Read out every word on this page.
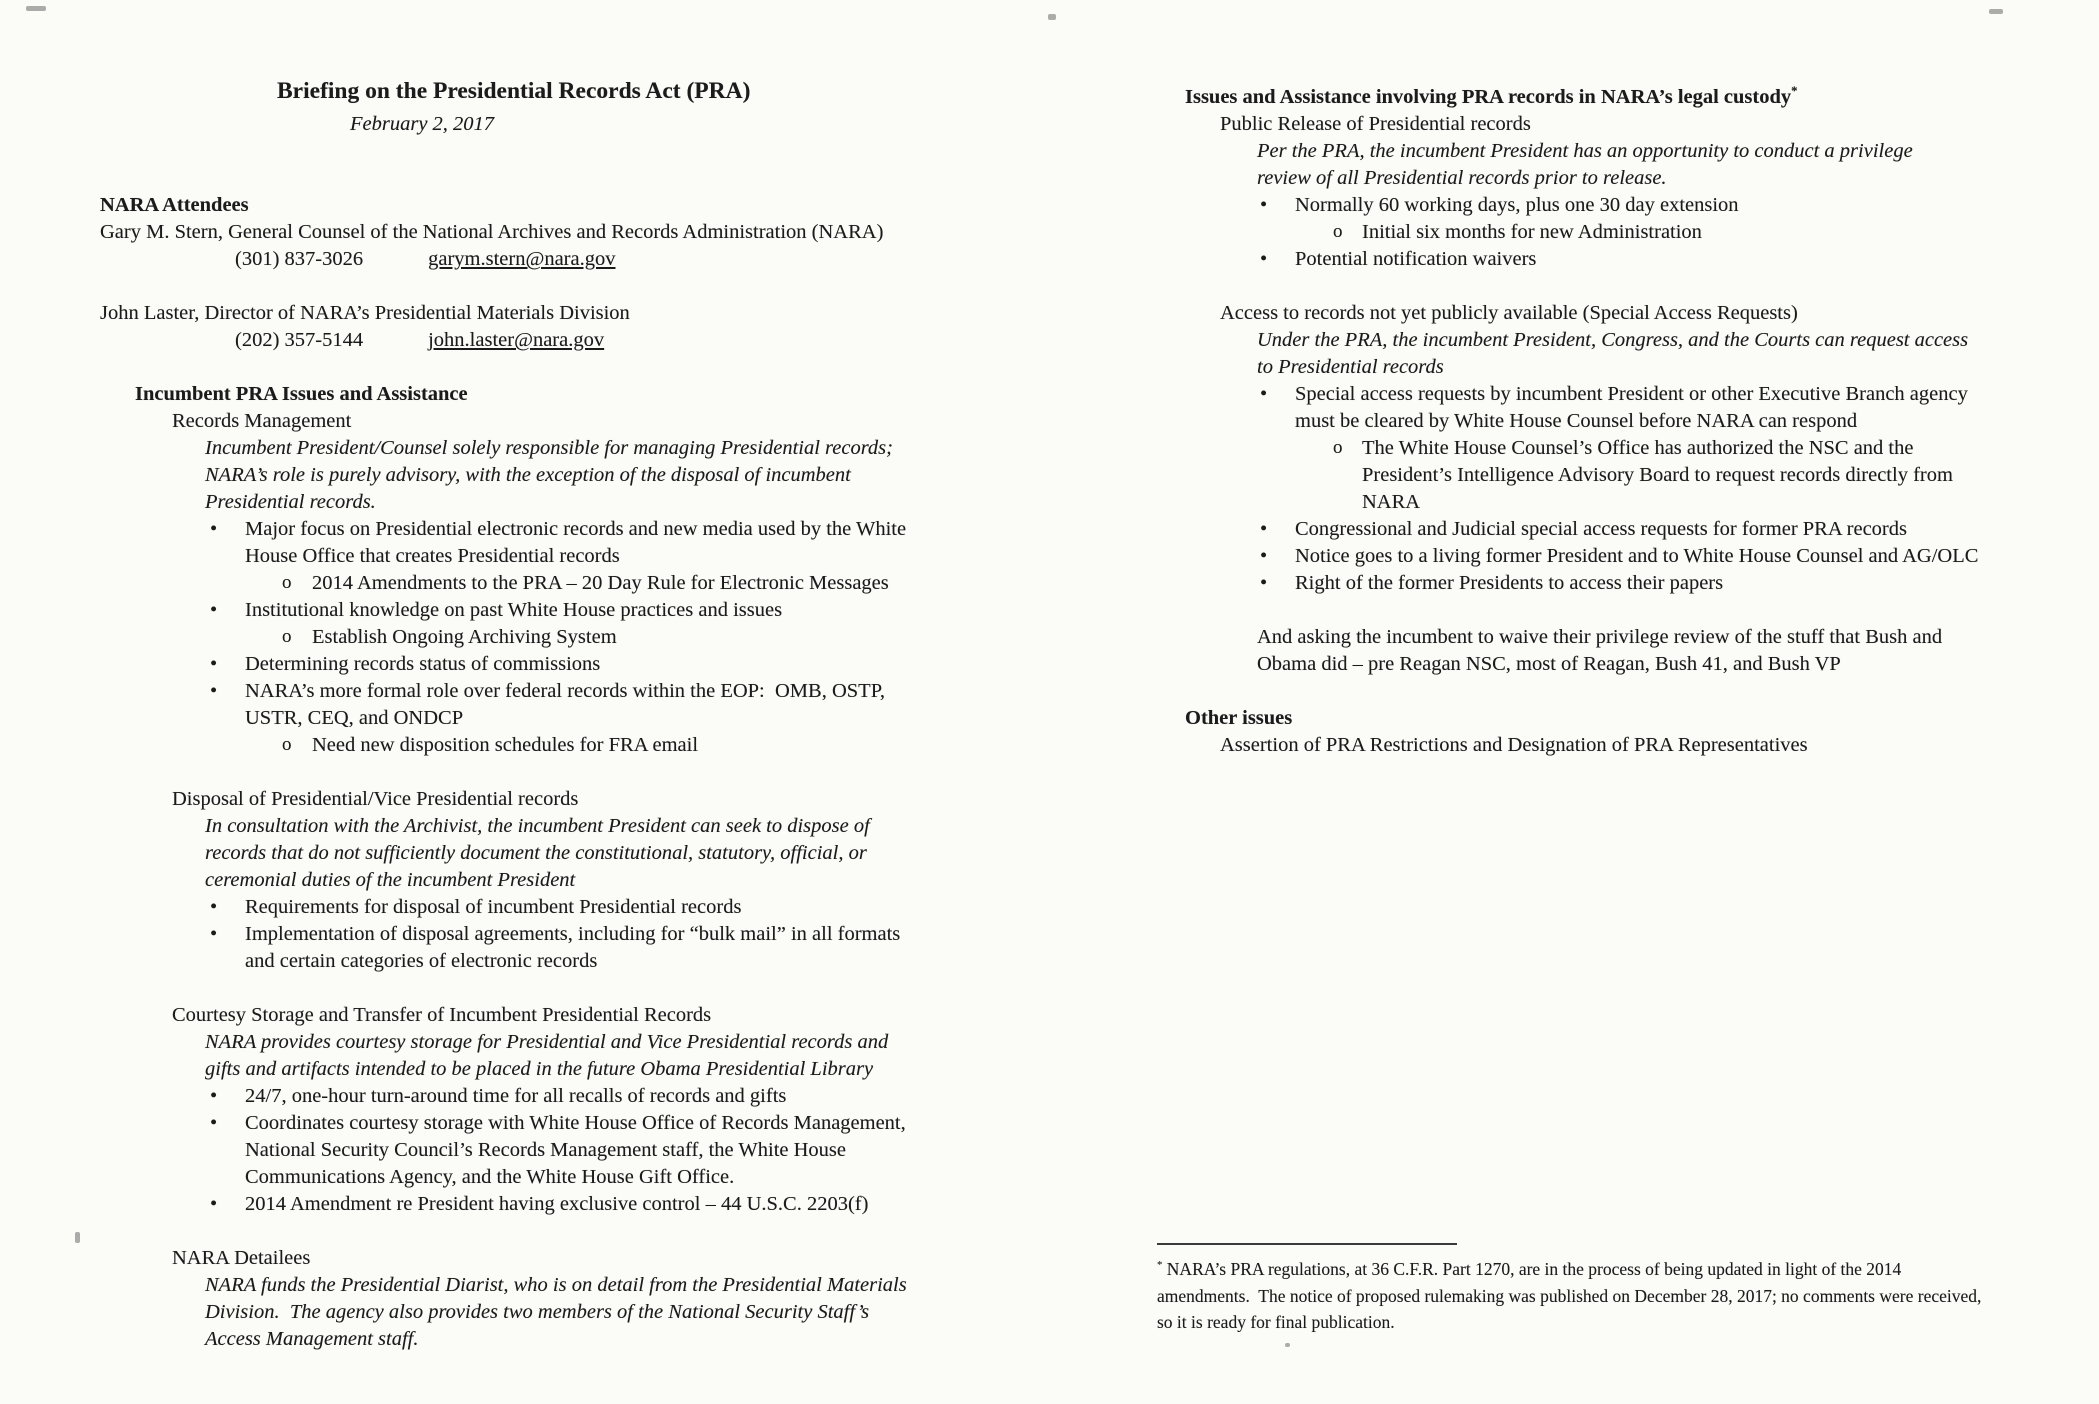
Briefing on the Presidential Records Act (PRA)
February 2, 2017
NARA Attendees
Gary M. Stern, General Counsel of the National Archives and Records Administration (NARA)
(301) 837-3026	garym.stern@nara.gov
John Laster, Director of NARA’s Presidential Materials Division
(202) 357-5144	john.laster@nara.gov
Incumbent PRA Issues and Assistance
Records Management
Incumbent President/Counsel solely responsible for managing Presidential records;
NARA’s role is purely advisory, with the exception of the disposal of incumbent
Presidential records.
• Major focus on Presidential electronic records and new media used by the White
House Office that creates Presidential records
o 2014 Amendments to the PRA – 20 Day Rule for Electronic Messages
• Institutional knowledge on past White House practices and issues
o Establish Ongoing Archiving System
• Determining records status of commissions
• NARA’s more formal role over federal records within the EOP:  OMB, OSTP,
USTR, CEQ, and ONDCP
o Need new disposition schedules for FRA email
Disposal of Presidential/Vice Presidential records
In consultation with the Archivist, the incumbent President can seek to dispose of
records that do not sufficiently document the constitutional, statutory, official, or
ceremonial duties of the incumbent President
• Requirements for disposal of incumbent Presidential records
• Implementation of disposal agreements, including for “bulk mail” in all formats
and certain categories of electronic records
Courtesy Storage and Transfer of Incumbent Presidential Records
NARA provides courtesy storage for Presidential and Vice Presidential records and
gifts and artifacts intended to be placed in the future Obama Presidential Library
• 24/7, one-hour turn-around time for all recalls of records and gifts
• Coordinates courtesy storage with White House Office of Records Management,
National Security Council’s Records Management staff, the White House
Communications Agency, and the White House Gift Office.
• 2014 Amendment re President having exclusive control – 44 U.S.C. 2203(f)
NARA Detailees
NARA funds the Presidential Diarist, who is on detail from the Presidential Materials
Division.  The agency also provides two members of the National Security Staff’s
Access Management staff.
Issues and Assistance involving PRA records in NARA’s legal custody*
Public Release of Presidential records
Per the PRA, the incumbent President has an opportunity to conduct a privilege
review of all Presidential records prior to release.
• Normally 60 working days, plus one 30 day extension
o Initial six months for new Administration
• Potential notification waivers
Access to records not yet publicly available (Special Access Requests)
Under the PRA, the incumbent President, Congress, and the Courts can request access
to Presidential records
• Special access requests by incumbent President or other Executive Branch agency
must be cleared by White House Counsel before NARA can respond
o The White House Counsel’s Office has authorized the NSC and the
President’s Intelligence Advisory Board to request records directly from
NARA
• Congressional and Judicial special access requests for former PRA records
• Notice goes to a living former President and to White House Counsel and AG/OLC
• Right of the former Presidents to access their papers
And asking the incumbent to waive their privilege review of the stuff that Bush and
Obama did – pre Reagan NSC, most of Reagan, Bush 41, and Bush VP
Other issues
Assertion of PRA Restrictions and Designation of PRA Representatives
* NARA’s PRA regulations, at 36 C.F.R. Part 1270, are in the process of being updated in light of the 2014
amendments.  The notice of proposed rulemaking was published on December 28, 2017; no comments were received,
so it is ready for final publication.
